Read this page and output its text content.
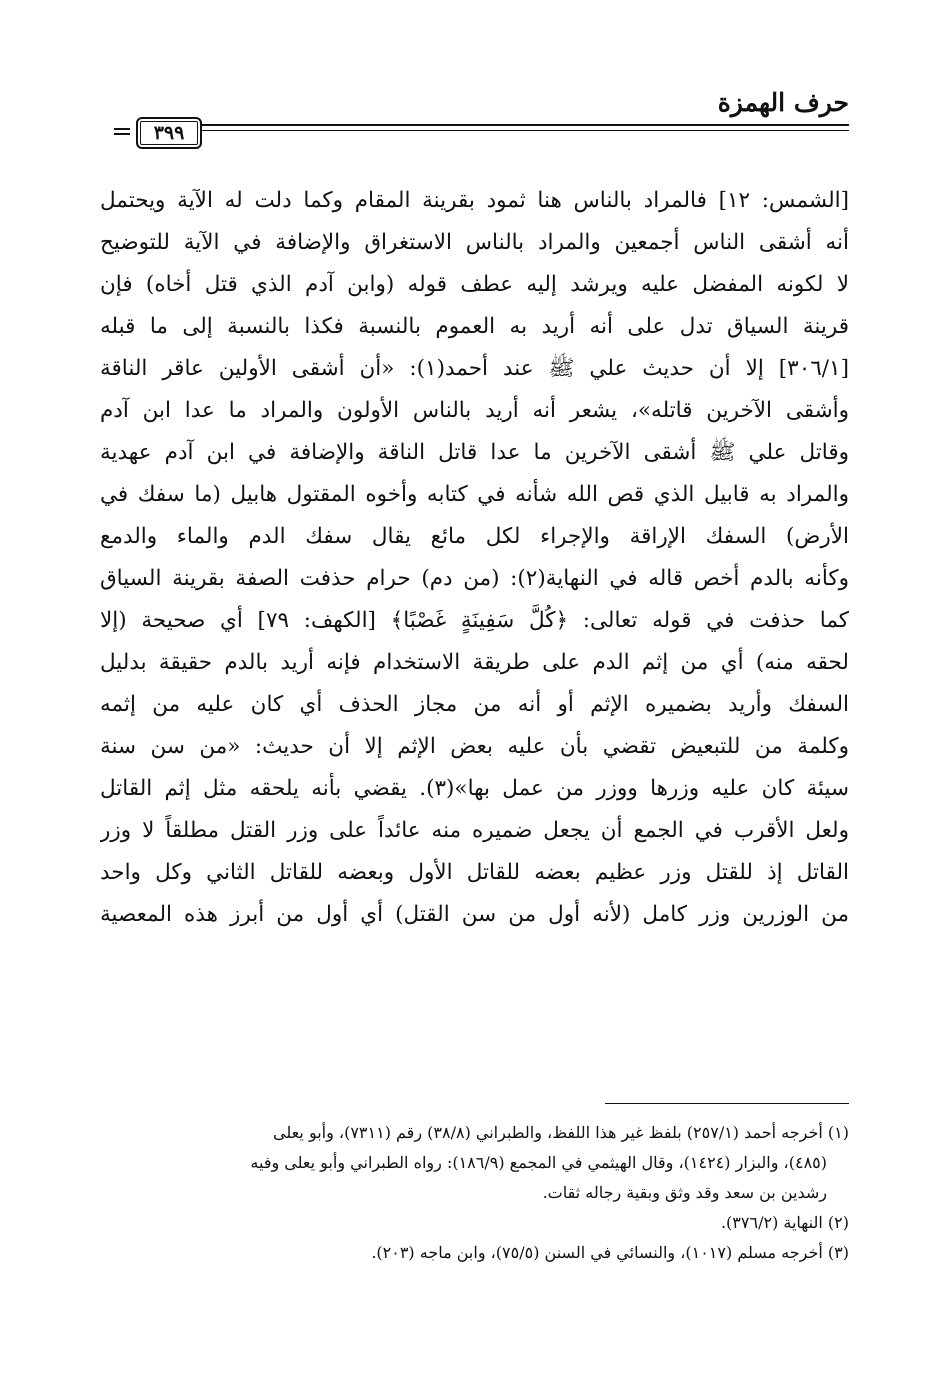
حرف الهمزة
٣٩٩
[الشمس: ١٢] فالمراد بالناس هنا ثمود بقرينة المقام وكما دلت له الآية ويحتمل
أنه أشقى الناس أجمعين والمراد بالناس الاستغراق والإضافة في الآية للتوضيح
لا لكونه المفضل عليه ويرشد إليه عطف قوله (وابن آدم الذي قتل أخاه) فإن
قرينة السياق تدل على أنه أريد به العموم بالنسبة فكذا بالنسبة إلى ما قبله
[٣٠٦/١] إلا أن حديث علي ﷺ عند أحمد(١): «أن أشقى الأولين عاقر الناقة
وأشقى الآخرين قاتله»، يشعر أنه أريد بالناس الأولون والمراد ما عدا ابن آدم
وقاتل علي ﷺ أشقى الآخرين ما عدا قاتل الناقة والإضافة في ابن آدم عهدية
والمراد به قابيل الذي قص الله شأنه في كتابه وأخوه المقتول هابيل (ما سفك في
الأرض) السفك الإراقة والإجراء لكل مائع يقال سفك الدم والماء والدمع
وكأنه بالدم أخص قاله في النهاية(٢): (من دم) حرام حذفت الصفة بقرينة السياق
كما حذفت في قوله تعالى: ﴿كُلَّ سَفِينَةٍ غَصْبًا﴾ [الكهف: ٧٩] أي صحيحة (إلا
لحقه منه) أي من إثم الدم على طريقة الاستخدام فإنه أريد بالدم حقيقة بدليل
السفك وأريد بضميره الإثم أو أنه من مجاز الحذف أي كان عليه من إثمه
وكلمة من للتبعيض تقضي بأن عليه بعض الإثم إلا أن حديث: «من سن سنة
سيئة كان عليه وزرها ووزر من عمل بها»(٣). يقضي بأنه يلحقه مثل إثم القاتل
ولعل الأقرب في الجمع أن يجعل ضميره منه عائداً على وزر القتل مطلقاً لا وزر
القاتل إذ للقتل وزر عظيم بعضه للقاتل الأول وبعضه للقاتل الثاني وكل واحد
من الوزرين وزر كامل (لأنه أول من سن القتل) أي أول من أبرز هذه المعصية
(١) أخرجه أحمد (٢٥٧/١) بلفظ غير هذا اللفظ، والطبراني (٣٨/٨) رقم (٧٣١١)، وأبو يعلى
(٤٨٥)، والبزار (١٤٢٤)، وقال الهيثمي في المجمع (١٨٦/٩): رواه الطبراني وأبو يعلى وفيه
رشدين بن سعد وقد وثق وبقية رجاله ثقات.
(٢) النهاية (٣٧٦/٢).
(٣) أخرجه مسلم (١٠١٧)، والنسائي في السنن (٧٥/٥)، وابن ماجه (٢٠٣).
